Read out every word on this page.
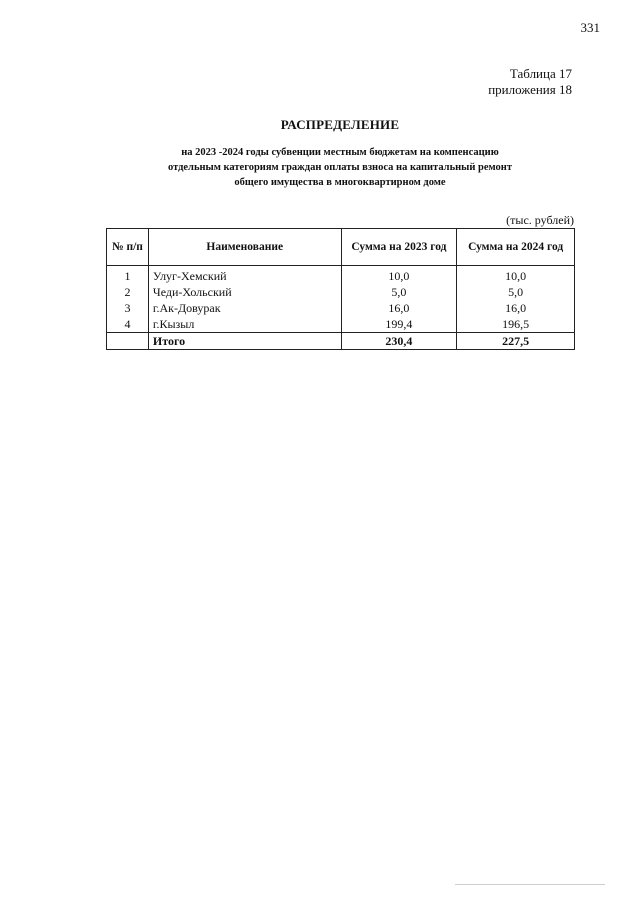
331
Таблица 17
приложения 18
РАСПРЕДЕЛЕНИЕ
на 2023 -2024 годы субвенции местным бюджетам на компенсацию
отдельным категориям граждан оплаты взноса на капитальный ремонт
общего имущества в многоквартирном доме
(тыс. рублей)
№ п/п	Наименование	Сумма на 2023 год	Сумма на 2024 год
1	Улуг-Хемский	10,0	10,0
2	Чеди-Хольский	5,0	5,0
3	г.Ак-Довурак	16,0	16,0
4	г.Кызыл	199,4	196,5
	Итого	230,4	227,5
